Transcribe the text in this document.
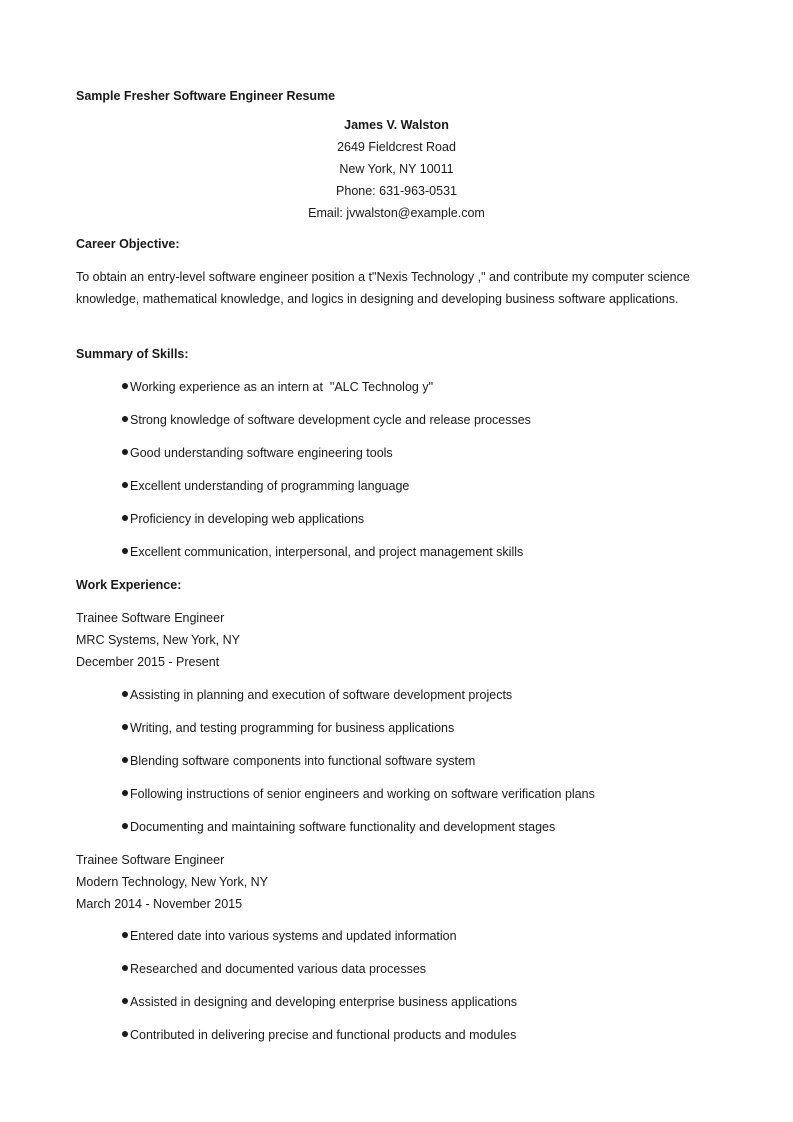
Sample Fresher Software Engineer Resume
James V. Walston
2649 Fieldcrest Road
New York, NY 10011
Phone: 631-963-0531
Email: jvwalston@example.com
Career Objective:
To obtain an entry-level software engineer position a t"Nexis Technology ," and contribute my computer science knowledge, mathematical knowledge, and logics in designing and developing business software applications.
Summary of Skills:
Working experience as an intern at  "ALC Technolog y"
Strong knowledge of software development cycle and release processes
Good understanding software engineering tools
Excellent understanding of programming language
Proficiency in developing web applications
Excellent communication, interpersonal, and project management skills
Work Experience:
Trainee Software Engineer
MRC Systems, New York, NY
December 2015 - Present
Assisting in planning and execution of software development projects
Writing, and testing programming for business applications
Blending software components into functional software system
Following instructions of senior engineers and working on software verification plans
Documenting and maintaining software functionality and development stages
Trainee Software Engineer
Modern Technology, New York, NY
March 2014 - November 2015
Entered date into various systems and updated information
Researched and documented various data processes
Assisted in designing and developing enterprise business applications
Contributed in delivering precise and functional products and modules
